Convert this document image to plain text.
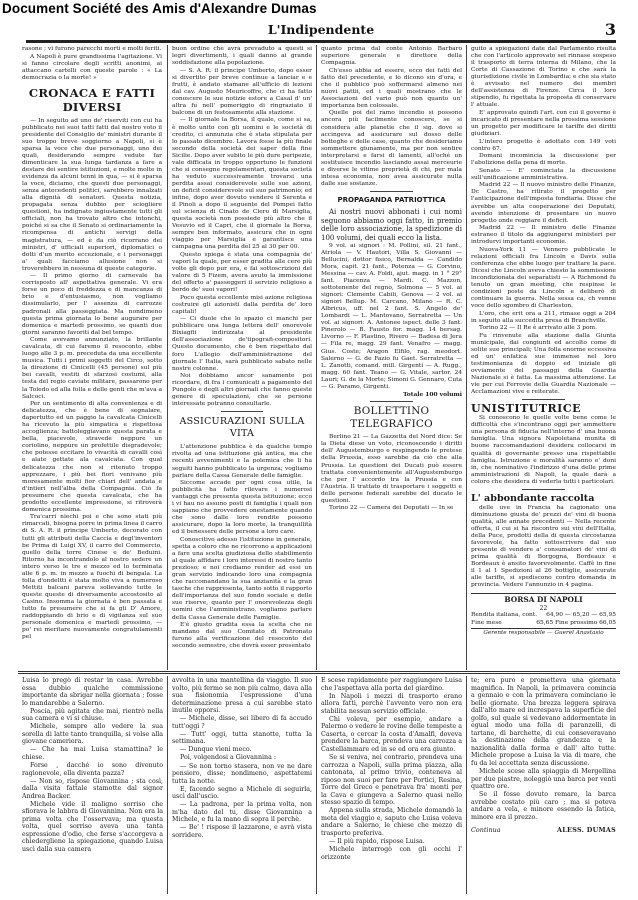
Document Société des Amis d'Alexandre Dumas
L'Indipendente	3

rasone ; vi furono parecchi morti e molti feriti.

A Napoli è pure grandissima l'agitazione. Vi si fanno circolare degli scritti anonimi, ai attaccano cartelli con queste parole : « La democrazia o la morte! »

CRONACA E FATTI DIVERSI

— In seguito ad uno de' riserviti con cui ha pubblicato nei suoi tatti fatti dal nostro voto il presidente del Consiglio de' ministri durante il suo troppo breve soggiorno a Napoli, si è sparsa la voce che due personaggi, uno dei quali, desiderando sempre vedute far dimenticare la sua lunga tardanza a fare a destare dei sentire istituzioni, e molte molte in evidenza da alcuni tenni in qua, — si è sparsa la voce, diciamo, che questi due personaggi, senza antecedenti politici, sarebbero innalzati alla dignità di senatori. Questa notizia, propagata senza dubbio per sciogliere questioni, ha indignato ingiustamente tutti gli officiali, non ha trovato altro che intonchi, poiché si sa che il Senato si ordinariamente la ricompensa di antichi servigi della magistratura, — ed è da ciò ricorrano dei ministri, d' ufficiali superiori, diplomatici o dotti d'un merito eccezionale, e i personaggi a' quali facciamo allusione non si troverebbero in nessuna di queste categorie.

— Il primo giorno di carnevale ha corrisposto all' aspettativa generale. Vi era forse un poco di freddezza e di mancanza di brio e d'entusiasmo, non vogliamo dissimularlo, per l' assenza di carrozze padronali alla passeggiata. Ma nondimeno questa prima giornata lo bene augurare per domenica e martedì prossimo, se quanti due giorni saranno favoriti dal bel tempo.

Come avevamo annunziato, la brillante cavalcata, di cui faremo il resoconto, ebbe luogo alle 3 p. m. preceduta da una eccellente musica. Tutti i primi soggetti del Circo, sotto la direzione di Cinicelli (45 persone) sul più bei cavalli, vestiti di sfarzosi costumi, alla testa del regio caviate militare, passarono per la Toledo ed alla folla e delle genti che m'ava a Salcoci.

Per un sentimento di alta convenienza e di delicatezza, che è bene di segnalare, dapertutto ed un paggio la cavalcata Cinicelli ha ricevuto la più simpatica e rispettosa accoglienza; battoleggiavano questa parata e bella, piacevole, stravede neppure un coriolino, neppure un profettile disgradevole; che potesse eccitare lo vivacità di cavalli così e alate gettate ala cavalcata. Con qual delicatezza che non si ritenuto troppo apprezzare, i più bei fiori venivano più moresamente molti fior chiari dell' andata e d'intieri nell'alba della Compagnia. Ciò fa presumere che questa cavalcata, che ha prodotto eccellente impressione, si ritroverà domenica prossima.

Tra'carri niechi poi e che sono stati più rimarcati, bisogna porre in prima linea il carro di S. A. R. il principe Umberto, decorato con tutti gli attributi della Caccia e degl'inventori be Prima di Luigi XV, il carro del Commercio, quello della torre Cinese e de' Beduini. Ritorno ha incontrandolo al nostro sedere un intero verso le tre e mezzo ed lo terminata alle 6 p. m. in mezzo a fuochi di bengala. La folla d'ondeltti è stata molto viva a numeroso Mettiti balcani pareva sollevando tutte le queste queste di diversamente accostosito al Casino. Insomma la giornata è ben passata e tutto fa presumere che si fa gli D' Amore, raddoppiando di brio e di vigilanza sul suo personale domenica e martedì prossimo, — po' rei meritare nuovamente congratulamenti pel

buon ordine che avrà prevaduto a questi si legri divertimenti, i quali danno ai grande soddisfazione alla popolazione.

— S. A. R. il principe Umberto, dopo esser si divertito per breve continue a lanciar e e frutti, è andato stamane all'ufficio di lezioni dal cav. Augusto Meuricoffre, che ci ha fatto conoscere le sue notizie estore a Casal d' un' altra fu nell' pomeriggio di ringraziato il balcone di un festosamente alla stazione.

— Il giornale la Borsa, il quale, come si sa, è molto unito con gli uomini e le società di credito, ci annunzia che è stata stipulata per lo passato dicembre. Lavora fosse la più finale secondo della società dei saper della fine Sicilie. Dopo aver subito le più dure peripezie, vale difficata in troppo opportuno le funzioni che si consegne regolamentari, questa società ha veduto successivamente trovarsi una perdita assai considerevole sulle sue azioni, un deficit considerevole sul suo patrimonio; ed infine, dopo aver dovuto vendere il Serenta e il Pinoli a dopo il seguente del Pompei fatto sul scienza di Cinato de Clero di Marsiglia, questa società non possiede più altro che il Vesuvio ed il Capri, che il giornale la Borsa, sempre ben informato, assicura che in ogni viaggio per Marsiglia e garantisce una campagna una perdita del 25 al 30 per 00.

Questo spiega è stata una compagnia de' vapori la quale, per esser gradita alle cere più volte gli dopo pur era, e fai sottoscrizioni del valore di 5 Fizem, avera avuto la immissione del offerto a' passeggeri il servizio religioso a bordo de' suoi vapori!

Poco questa eccellente misi azione religiosa costruire gli azionisti dalla perdita de' loro capitali!

— Ci duole che lo spazio ci manchi per pubblicare una lunga lettera dell' onorevole Bixiagfii indirizzata al presidente dell'associazione de'tipografi-compositori. Questo documento, che è ben rispettato dal foro L'allegio dell'amministrazione del giornale l' Italia, sarà pubblicato sabato nelle nostre colonne.

Noi dobbiamo ancor sanamente poi ricordare, di fra i comunicati a pagamento del Pungolo e degli altri giornali che fanno queste genere di speculazioni, che se persone interessate potranno consultarle.

ASSICURAZIONI SULLA VITA

L'attenzione pubblica è da qualche tempo rivolta ad una istituzione già antica, ma che recenti avvenimenti e la polemica che li ha seguiti hanno pubblicato la urgenza; vogliamo parlare della Cassa Generale delle famiglie.

Siccome accade per ogni cosa utile, la pubblicità ha fatto rilevare i numerosi vantaggi che presenta questa istituzione; ecco i vi hau no assuno posti di famiglia i quali non sappiano che provvedere onestamente quando che sono dalle loro rendite possono assicurare, dopo la loro morte, la tranquillità ed il benessere delle persone a loro care.

Conoscitivo adesso l'istituzione in generale, spetta a coloro che ne ricorrono a applicazioni a fare una scelta giudiziosa dello stabilimento al quale affidare i loro interessi di nostro tanto prezioso; e noi crediamo render ad essi un gran servizio indicando loro una compagnia che raccomandano la sua anzianità e la gran tasche che rappresenta, tanto sotto il rapporto dell'importanza del suo fondo sociale e delle sue riserve, quanto per l' onorevolezza degli uomini che l'amministrano. vogliamo parlare della Cassa Generale delle Famiglie.

E'è giusto gradita essa la scelta che ne mandano dal suo Comitato di Patronato furono alla verificazione del resoconto del secondo semestre, che dovrà esser presentato

quanto prima dal conte Antonio Barbaro superiore generale e direttore della Compagnia.

Ch'esso abbia ad essere, ecco dei fatti del fatto del precedente, e lo dicono sin d'ora, e che il pubblico può soffermarsi almeno nei nuovi pattii, ed i quali mostrano che le Associazioni del vario può non quanto un' importanza ben colossale.

Quelle poi del ramo incendio si possono ancora più facilmente conoscere, se si considera alle planetie che il sig. dove si accingeva ad assicurare sul dosso delle botteghe e delle case, quanto che desideriamo sommettere giunamente, ma per non sentire interpretarsi e farsi di lamenti, all'oché un sostituisce incendio lasciando assai merceurie e diverse le vitime preprietà di chi, per mala intesa economia, non avea assicurate nulla dalle sue sostanze.

PROPAGANDA PATRIOTTICA

Ai nostri nuovi abbonati i cui nomi seguono abbiamo oggi fatto, in premio delle loro associazione, la spedizione di 100 volumi, dei quali ecco la lista.

9 vol. ai signori : M. Pollini, sil. 21 fant., Atriola — V. Hautori, Villa S. Giovanni — Bellucini, dottor fisico, Bernalda — Candido Mora, capit. 21 fant., Potenza — G. Corvino, Messina — cav. A. Foldi, ajut. magg. in 1 ° 29° fant. Piacenza — Mardi. C. Mazzon, sottotenente del regno, Solmona — 5 vol. ai signori: Clemente Cabili, Genova — 2 vol. ai signori Bellup. M. Carcano, Milano — R. C. Albricus, uff. nel 2 fant. S. Angelo de' Lombardi — L. Mantovano, Serratretta — Un vol. ai signori: A. Antonee ispect. delle 3 fant. Pinerolo — B. Fausto for. magg. 14 bersag. Livorno — F. Plastino, Rivero — Badesa di Jera — Fila re, magg. 29 fant. Venafro — magg. Gius. Coste; Aragon Elfilo, rag. meodort. Salerno — G. de Fazio fu Gaet. Serratretta — L. Zanotti, comand. mill. Girgenti — A. Rugg., magg. 60 fant. Teano — G. Vitale, sartor. 24 Lauri; G. de la Morte; Simoni G. Gennaro, Cuta — G. Paramo, Girgenti.

Totale 100 volumi

BOLLETTINO TELEGRAFICO

Berlino 21 — La Gazzetta del Nord dice: Se la Dieta diese un voto, riconoscendo i diritti dell' Augustemburgo e respingendo le pretese della Prussia, esso sarebbe da ciò che alla Prussia. Le questioni dei Ducati può essere trattata convenientemente all'Augustemburgo che per l' accordo tra la Prussia e con l'Austria. Il trattato di trasportare i soggetti e delle persone federali sarebbe del ducato le questioni.

Torino 22 — Camera dei Deputati — In se

guito a spiegazioni date dal Parlamento risulta che con l'articolo approvato sei rinnase sospeso il trasporto di terra interna di Milano, che la Corte di Cassazione di Torino e che sarà la giurisdizione civile in Lombardia; e che sia stato è avvisato nel numero dei membri dell'assistenza di Firenze. Circa il loro stipendio, fu rigettata la proposta di conservare l' attuale.

E' approvato quindi l'art. con cui il governo è incaricato di presentare nella prossima sessione un progetto per modificare le tariffe dei diritti giudiziari.

L'intero progetto è adottato con 149 voti contro 67.

Domani incomincia la discussione per l'abolizione della pena di morte.

Senato — E' cominciata la discussione sull'unificazione amministrativa.

Madrid 22 — Il nuovo ministro delle Finanze, Dc Castro, ha ritirato il progetto per l'anticipazione dell'imposta fondiaria. Disse che avrebbe un alta cooperazione dei Deputati, avendo intenzione di presentare un nuovo progetto onde reggiare il deficit.

Madrid 22 — Il ministro delle Finanze estraneo il titolo da aggiungersi ministeri per introdurvi importanti economie.

Nuova-York 11 — Vennero pubblicate le relazioni officiali fra Lincoln e Davis sulla conferenza che ebbe luogo per trattare la pace. Dicesi che Lincoln aveva chiesto la sommissione incondizionata dei separatisti — A Richmond fu tenuto un gran meeting, che respinse le condizioni poste da Lincoln e deliberò di continuare la guerra. Nella sessa ca, ch venne voce dello sgombro di Charleston.

L'oro, che erit ora a 211, rimase oggi a 204 in seguito alla succedita presa di Branchville.

Torino 22 — Il Re è arrivato alle 3 pom.

Fu rinvenute alla stazione dalla Giunta municipale, dai congiunti ed accolto come di solite sue principali; Una folla enorme eccessiva ed un' enfatica sue immense nel loro testimonianza di doppio ed iniziale gli ovviamente del passaggi della Guardia Nazionale si è fatta. La massima attenzione. Le vie per cui Ferrovie della Guardia Nazionale — Acclamazioni vive e reiterate.

UNISTITUTRICE

Si conoscono le quelle volte bene come le difficoltà che s'incontrano oggi per ammettere una persona di fiducia nell'interno d' una buona famiglia. Una signora Napoletana munita di buone raccomandazioni desidera collocarsi in qualità di governante presso una rispettabile famiglia. Istruzione e moralità saranno e' doni in, che nominativo l'indirizzo d'una delle prime amministrazioni di Napoli, la quale darà a coloro che desidera di vederla tutti i particolari.

L' abbondante raccolta

delle uve in Francia ha cagionato una diminuzione giusta de' prezzi de' vini di buona qualità, alle annate precedenti — Nella recente offerta, il cui si ha riscontro sui vini dell'Italia, della Puce, prodotti della di questa circostanza favorevole, ha fatto sottoscrivere dal suo presente di vendere a' consumatori de' vini di prima qualità di Borgogna, Bordeaux e Bordeaux è ansito favorevolmente. Caffè in fine il 1 al 1 Spedizioni al 26 bottiglie, assicurate alle tariffe, si spediscono contro domanda in provincia. Vedere l'annunzio in 4 pagina.

BORSA DI NAPOLI
22
Rendita italiana, cont. 64,90 — 65,20 — 65,95
Fine mese	65,65 Fine prossimo 66,05
Gerente responsabile — Guerel Anastasio

Luisa lo pregò di restar in casa. Avrebbe essa dubbio qualche commissione importante da sbrigar nella giornata ; fosse lo mandarebbe a Salerno.

Poscia, più agitata che mai, rientrò nella sua camera e vi si chiuse.

Michele, sempre allo vedere la sua sorella di latte tanto tranquilla, si volse alla giovane cameriera.

— Che ha mai Luisa stamattina? le chiese.

Forse , dacché io sono divenuto ragionevole, ella diventa pazza?

— Non so, rispose Giovannina ; sta così, dalla visita fattale stamotte dal signor Andrea Backer.

Michele vide il maligno sorriso che sfiorava le labbra di Giovannina. Non era la prima volta che l'osservava; ma questa volta, quel sorriso aveva una tanta espressione d'odio, che ferse s'accorgeva a chiedergliene la spiegazione, quando Luisa uscì dalla sua camera

avvolta in una mantellina da viaggio. Il suo volto, più fermo se non più calmo, dava alla sua fisionomia l'espressione d'una determinazione presa a cui sarebbe stato inutile opporsi.

— Michele, disse, sei libero di fa accudo tutt'oggi ?

— Tutt' oggi, tutta stanotte, tutta la settimana.

— Dunque vieni meco.

Poi, volgendosi a Giovannina :

— Se non torno stasera, non ve ne dare pensiero, disse; nondimeno, aspettatemi tutta la notte.

E, facendo segno a Michele di seguirla, uscì dall'uscio.

— La padrona, per la prima volta, non m'ha dato del tu, disse Giovannina a Michele, e fu la mano di sopra il perchè.

— Be' ! rispose il lazzarone, e avrà vista sorridere.

E scese rapidamente per raggiungere Luisa che l'aspettava alla porta del giardino.

In Napoli i mezzi di trasporto erano allora fatti, perchè l'avvento vero non era stabilita nessun servizio officiale.

Chi voleva, per esempio, andare a Palermo o vedere le rovine delle tempeste a Caserta, o cercar la costa d'Amalfi, doveva prendere la barca, prendeva una carrozza a Castellammare ed in se ed ora era giunto.

Se si veniva, nei contrario, prendeva una carrozza a Napoli, sulla prima piazza, alla cantonata, al primo trivio, conteneva al riposo non suoi per fare per Portici, Resina, Torre del Greco e penetrava fra' monti per la Cava e giungeva a Salerno quasi nello stesso spazio di tempo.

Appena sulla strada, Michele domandò la meta del viaggio e, saputo che Luisa voleva andare a Salerno, le chiese che mezzo di trasporto preferiva.

— Il più rapido, rispose Luisa.

Michele interrogò con gli occhi l' orizzonte

te; era puro e prometteva una giornata magnifica. In Napoli, la primavera comincia a gennaio e con la primavera cominciano le belle giornate. Una brezza leggera spirava dall'alto mare ed increspava la superficie del golfo, sul quale si vedevano addormentate in egual modo una folla di paranzelli, di tartane, di barchette, di cui conseveravano la destinazione della grandezza e la nazionalità dalla forma e dall' alto tutte. Michele propose a Luisa la via di mare, che fu da lei accettata senza discussione.

Michele scese alla spiaggia di Mergellina per due piastre, noleggiò una barca per venti quattro ore.

Se il fosse dovuto remare, la barca avrebbe costato più caro ; ma si poteva andare a vela, e minore essendo la fatica, minore era il prezzo.

Continua	ALESS. DUMAS
